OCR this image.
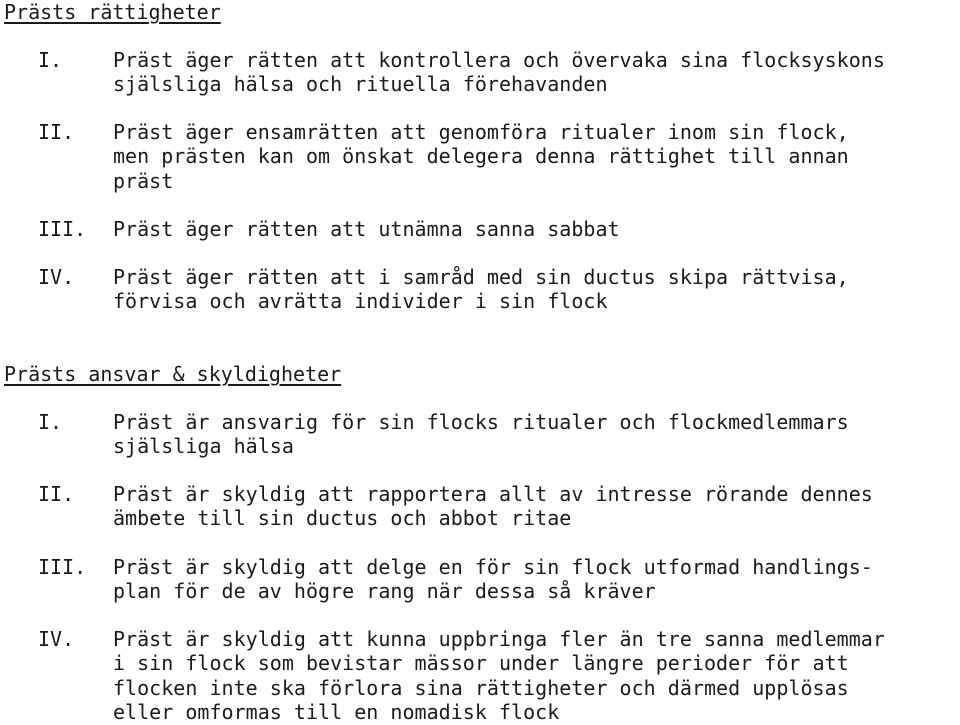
Prästs rättigheter
I.	Präst äger rätten att kontrollera och övervaka sina flocksyskons
själsliga hälsa och rituella förehavanden
II. Präst äger ensamrätten att genomföra ritualer inom sin flock,
men prästen kan om önskat delegera denna rättighet till annan
präst
III. Präst äger rätten att utnämna sanna sabbat
IV. Präst äger rätten att i samråd med sin ductus skipa rättvisa,
förvisa och avrätta individer i sin flock
Prästs ansvar & skyldigheter
I.	Präst är ansvarig för sin flocks ritualer och flockmedlemmars
själsliga hälsa
II. Präst är skyldig att rapportera allt av intresse rörande dennes
ämbete till sin ductus och abbot ritae
III. Präst är skyldig att delge en för sin flock utformad handlings-
plan för de av högre rang när dessa så kräver
IV. Präst är skyldig att kunna uppbringa fler än tre sanna medlemmar
i sin flock som bevistar mässor under längre perioder för att
flocken inte ska förlora sina rättigheter och därmed upplösas
eller omformas till en nomadisk flock
